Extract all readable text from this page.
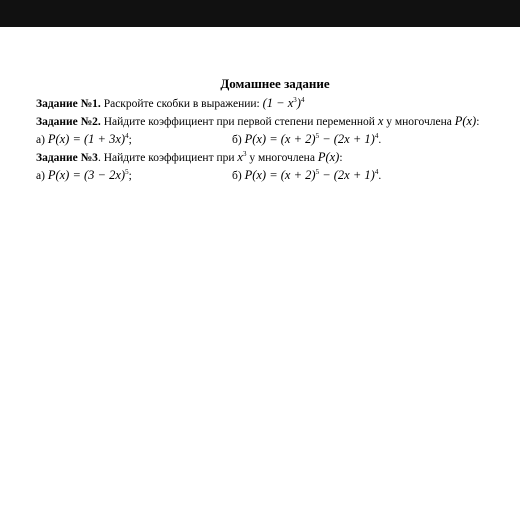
Домашнее задание
Задание №1. Раскройте скобки в выражении: $(1 - x^3)^4$
Задание №2. Найдите коэффициент при первой степени переменной x у многочлена P(x):
а) $P(x) = (1 + 3x)^4$;	б) $P(x) = (x + 2)^5 - (2x + 1)^4$.
Задание №3. Найдите коэффициент при $x^3$ у многочлена P(x):
а) $P(x) = (3 - 2x)^5$;	б) $P(x) = (x + 2)^5 - (2x + 1)^4$.
